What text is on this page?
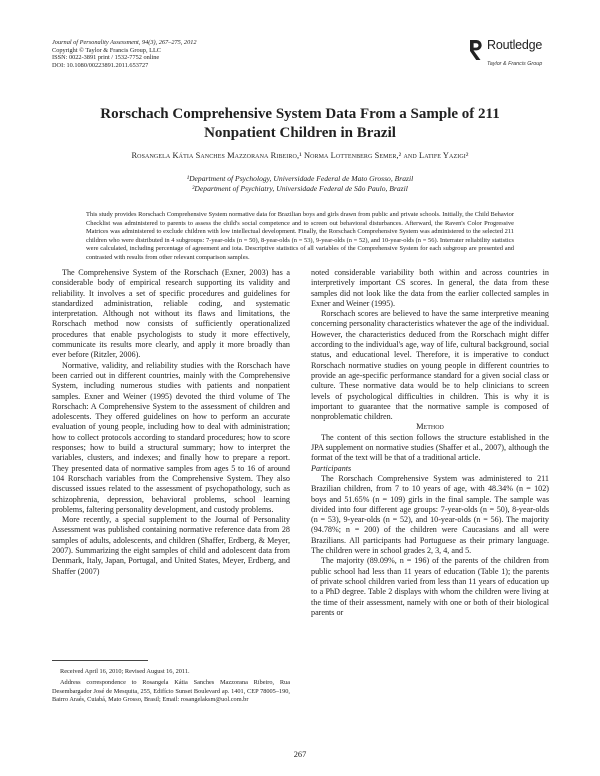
Journal of Personality Assessment, 94(3), 267–275, 2012
Copyright © Taylor & Francis Group, LLC
ISSN: 0022-3891 print / 1532-7752 online
DOI: 10.1080/00223891.2011.653727
Routledge
Taylor & Francis Group
Rorschach Comprehensive System Data From a Sample of 211
Nonpatient Children in Brazil
Rosangela Kátia Sanches Mazzorana Ribeiro,¹ Norma Lottenberg Semer,² and Latife Yazigi²
¹Department of Psychology, Universidade Federal de Mato Grosso, Brazil
²Department of Psychiatry, Universidade Federal de São Paulo, Brazil
This study provides Rorschach Comprehensive System normative data for Brazilian boys and girls drawn from public and private schools. Initially, the Child Behavior Checklist was administered to parents to assess the child's social competence and to screen out behavioral disturbances. Afterward, the Raven's Color Progressive Matrices was administered to exclude children with low intellectual development. Finally, the Rorschach Comprehensive System was administered to the selected 211 children who were distributed in 4 subgroups: 7-year-olds (n = 50), 8-year-olds (n = 53), 9-year-olds (n = 52), and 10-year-olds (n = 56). Interrater reliability statistics were calculated, including percentage of agreement and iota. Descriptive statistics of all variables of the Comprehensive System for each subgroup are presented and contrasted with results from other relevant comparison samples.

The Comprehensive System of the Rorschach (Exner, 2003) has a considerable body of empirical research supporting its validity and reliability. It involves a set of specific procedures and guidelines for standardized administration, reliable coding, and systematic interpretation. Although not without its flaws and limitations, the Rorschach method now consists of sufficiently operationalized procedures that enable psychologists to study it more effectively, communicate its results more clearly, and apply it more broadly than ever before (Ritzler, 2006).

Normative, validity, and reliability studies with the Rorschach have been carried out in different countries, mainly with the Comprehensive System, including numerous studies with patients and nonpatient samples. Exner and Weiner (1995) devoted the third volume of The Rorschach: A Comprehensive System to the assessment of children and adolescents. They offered guidelines on how to perform an accurate evaluation of young people, including how to deal with administration; how to collect protocols according to standard procedures; how to score responses; how to build a structural summary; how to interpret the variables, clusters, and indexes; and finally how to prepare a report. They presented data of normative samples from ages 5 to 16 of around 104 Rorschach variables from the Comprehensive System. They also discussed issues related to the assessment of psychopathology, such as schizophrenia, depression, behavioral problems, school learning problems, faltering personality development, and custody problems.

More recently, a special supplement to the Journal of Personality Assessment was published containing normative reference data from 28 samples of adults, adolescents, and children (Shaffer, Erdberg, & Meyer, 2007). Summarizing the eight samples of child and adolescent data from Denmark, Italy, Japan, Portugal, and United States, Meyer, Erdberg, and Shaffer (2007)

noted considerable variability both within and across countries in interpretively important CS scores. In general, the data from these samples did not look like the data from the earlier collected samples in Exner and Weiner (1995).

Rorschach scores are believed to have the same interpretive meaning concerning personality characteristics whatever the age of the individual. However, the characteristics deduced from the Rorschach might differ according to the individual's age, way of life, cultural background, social status, and educational level. Therefore, it is imperative to conduct Rorschach normative studies on young people in different countries to provide an age-specific performance standard for a given social class or culture. These normative data would be to help clinicians to screen levels of psychological difficulties in children. This is why it is important to guarantee that the normative sample is composed of nonproblematic children.

Method

The content of this section follows the structure established in the JPA supplement on normative studies (Shaffer et al., 2007), although the format of the text will be that of a traditional article.

Participants

The Rorschach Comprehensive System was administered to 211 Brazilian children, from 7 to 10 years of age, with 48.34% (n = 102) boys and 51.65% (n = 109) girls in the final sample. The sample was divided into four different age groups: 7-year-olds (n = 50), 8-year-olds (n = 53), 9-year-olds (n = 52), and 10-year-olds (n = 56). The majority (94.78%; n = 200) of the children were Caucasians and all were Brazilians. All participants had Portuguese as their primary language. The children were in school grades 2, 3, 4, and 5.

The majority (89.09%, n = 196) of the parents of the children from public school had less than 11 years of education (Table 1); the parents of private school children varied from less than 11 years of education up to a PhD degree. Table 2 displays with whom the children were living at the time of their assessment, namely with one or both of their biological parents or

Received April 16, 2010; Revised August 16, 2011.

Address correspondence to Rosangela Kátia Sanches Mazzorana Ribeiro, Rua Desembargador José de Mesquita, 255, Edifício Sunset Boulevard ap. 1401, CEP 78005–190, Bairro Araés, Cuiabá, Mato Grosso, Brasil; Email: rosangelaksm@uol.com.br

267
